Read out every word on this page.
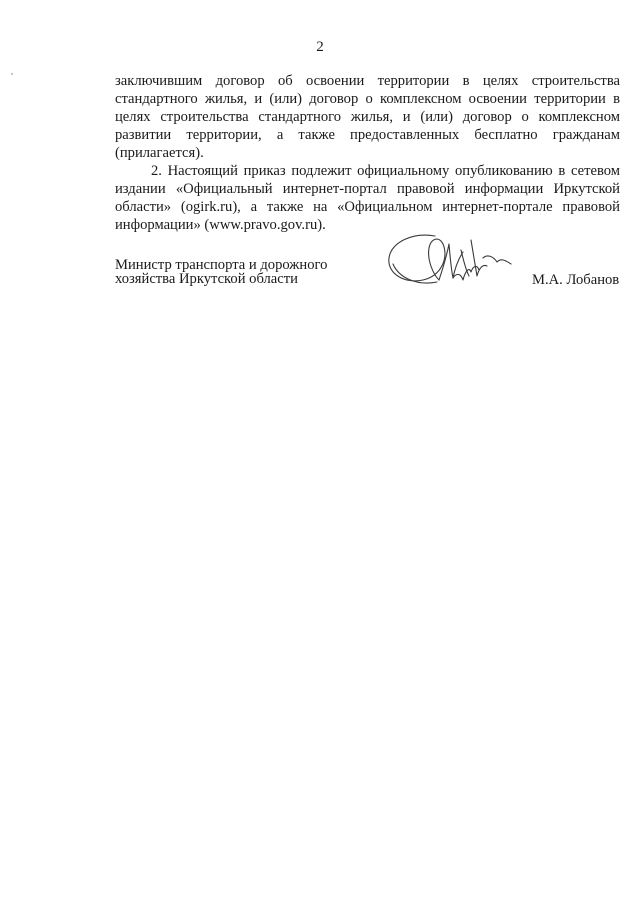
2

заключившим договор об освоении территории в целях строительства стандартного жилья, и (или) договор о комплексном освоении территории в целях строительства стандартного жилья, и (или) договор о комплексном развитии территории, а также предоставленных бесплатно гражданам (прилагается).

2. Настоящий приказ подлежит официальному опубликованию в сетевом издании «Официальный интернет-портал правовой информации Иркутской области» (ogirk.ru), а также на «Официальном интернет-портале правовой информации» (www.pravo.gov.ru).

Министр транспорта и дорожного
хозяйства Иркутской области	М.А. Лобанов
